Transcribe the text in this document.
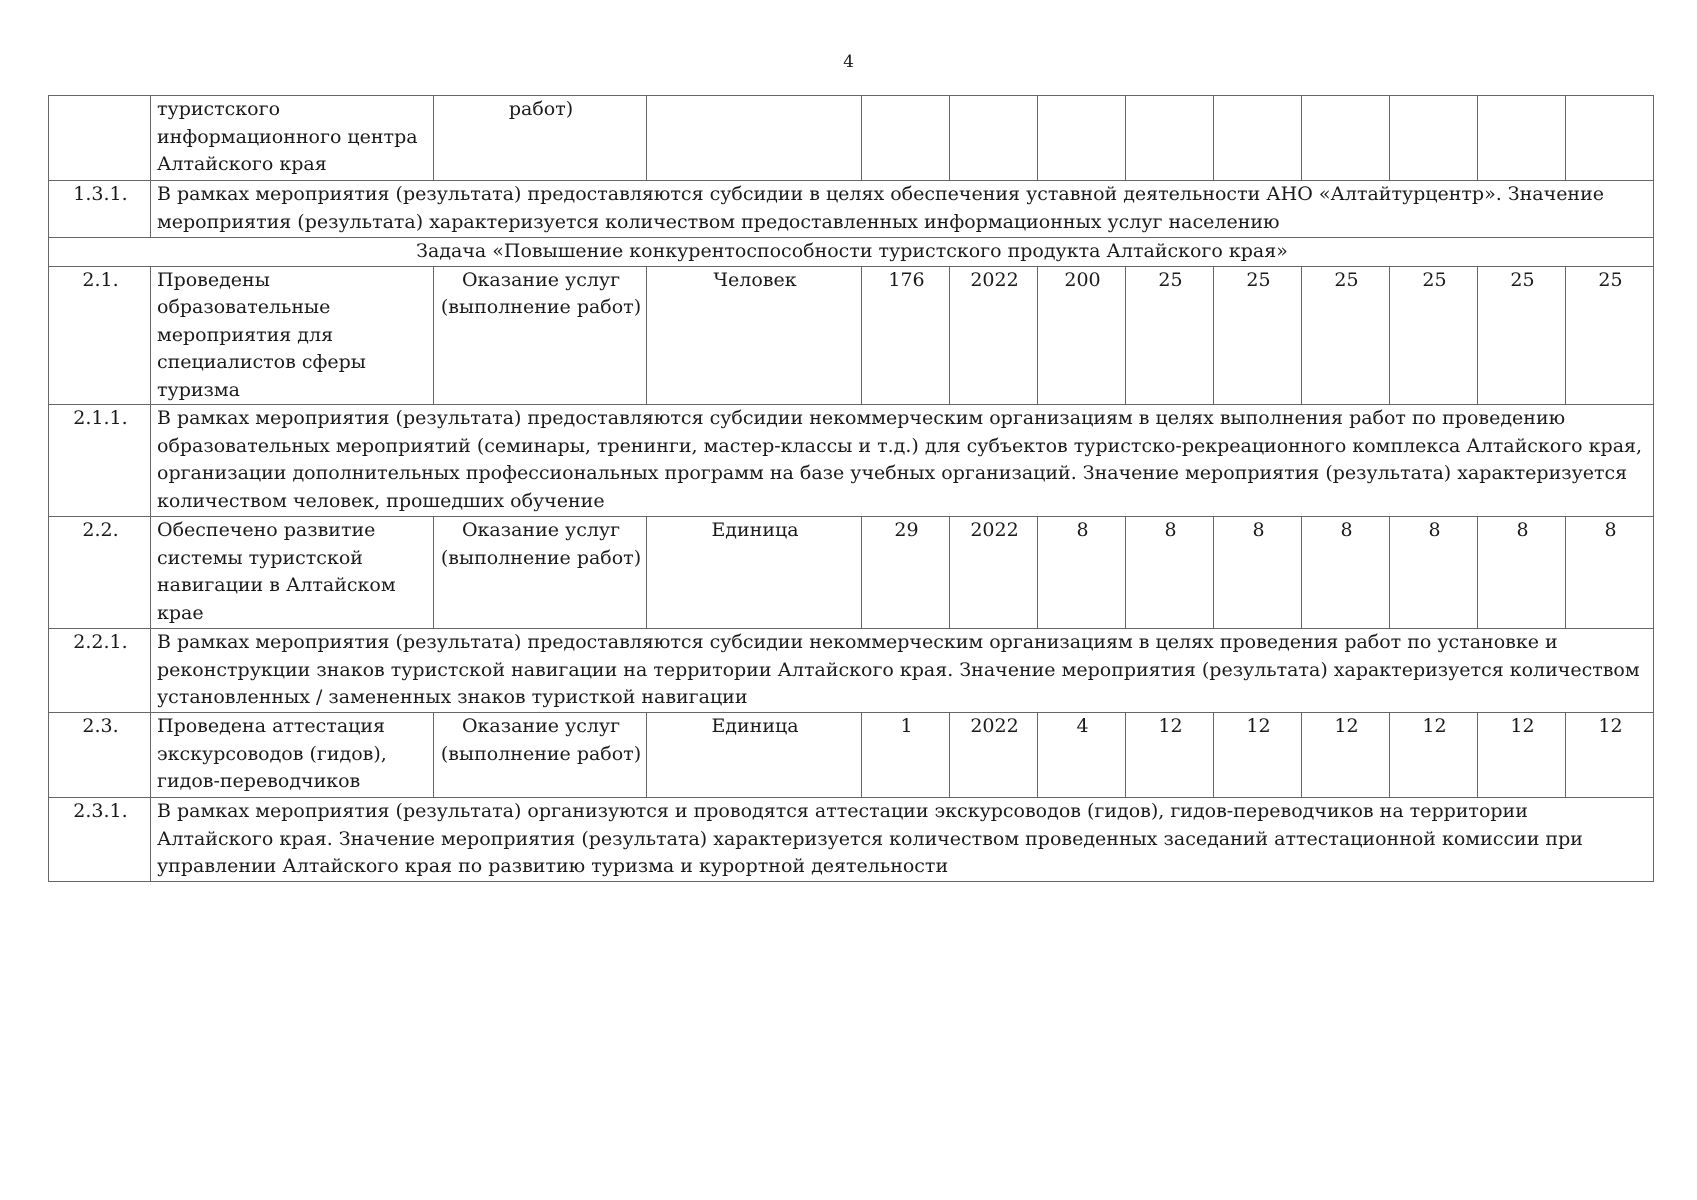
4
	туристского информационного центра Алтайского края	работ)										
1.3.1.	В рамках мероприятия (результата) предоставляются субсидии в целях обеспечения уставной деятельности АНО «Алтайтурцентр». Значение мероприятия (результата) характеризуется количеством предоставленных информационных услуг населению											
Задача «Повышение конкурентоспособности туристского продукта Алтайского края»												
2.1.	Проведены образовательные мероприятия для специалистов сферы туризма	Оказание услуг (выполнение работ)	Человек	176	2022	200	25	25	25	25	25	25
2.1.1.	В рамках мероприятия (результата) предоставляются субсидии некоммерческим организациям в целях выполнения работ по проведению образовательных мероприятий (семинары, тренинги, мастер-классы и т.д.) для субъектов туристско-рекреационного комплекса Алтайского края, организации дополнительных профессиональных программ на базе учебных организаций. Значение мероприятия (результата) характеризуется количеством человек, прошедших обучение											
2.2.	Обеспечено развитие системы туристской навигации в Алтайском крае	Оказание услуг (выполнение работ)	Единица	29	2022	8	8	8	8	8	8	8
2.2.1.	В рамках мероприятия (результата) предоставляются субсидии некоммерческим организациям в целях проведения работ по установке и реконструкции знаков туристской навигации на территории Алтайского края. Значение мероприятия (результата) характеризуется количеством установленных / замененных знаков туристкой навигации											
2.3.	Проведена аттестация экскурсоводов (гидов), гидов-переводчиков	Оказание услуг (выполнение работ)	Единица	1	2022	4	12	12	12	12	12	12
2.3.1.	В рамках мероприятия (результата) организуются и проводятся аттестации экскурсоводов (гидов), гидов-переводчиков на территории Алтайского края. Значение мероприятия (результата) характеризуется количеством проведенных заседаний аттестационной комиссии при управлении Алтайского края по развитию туризма и курортной деятельности											
